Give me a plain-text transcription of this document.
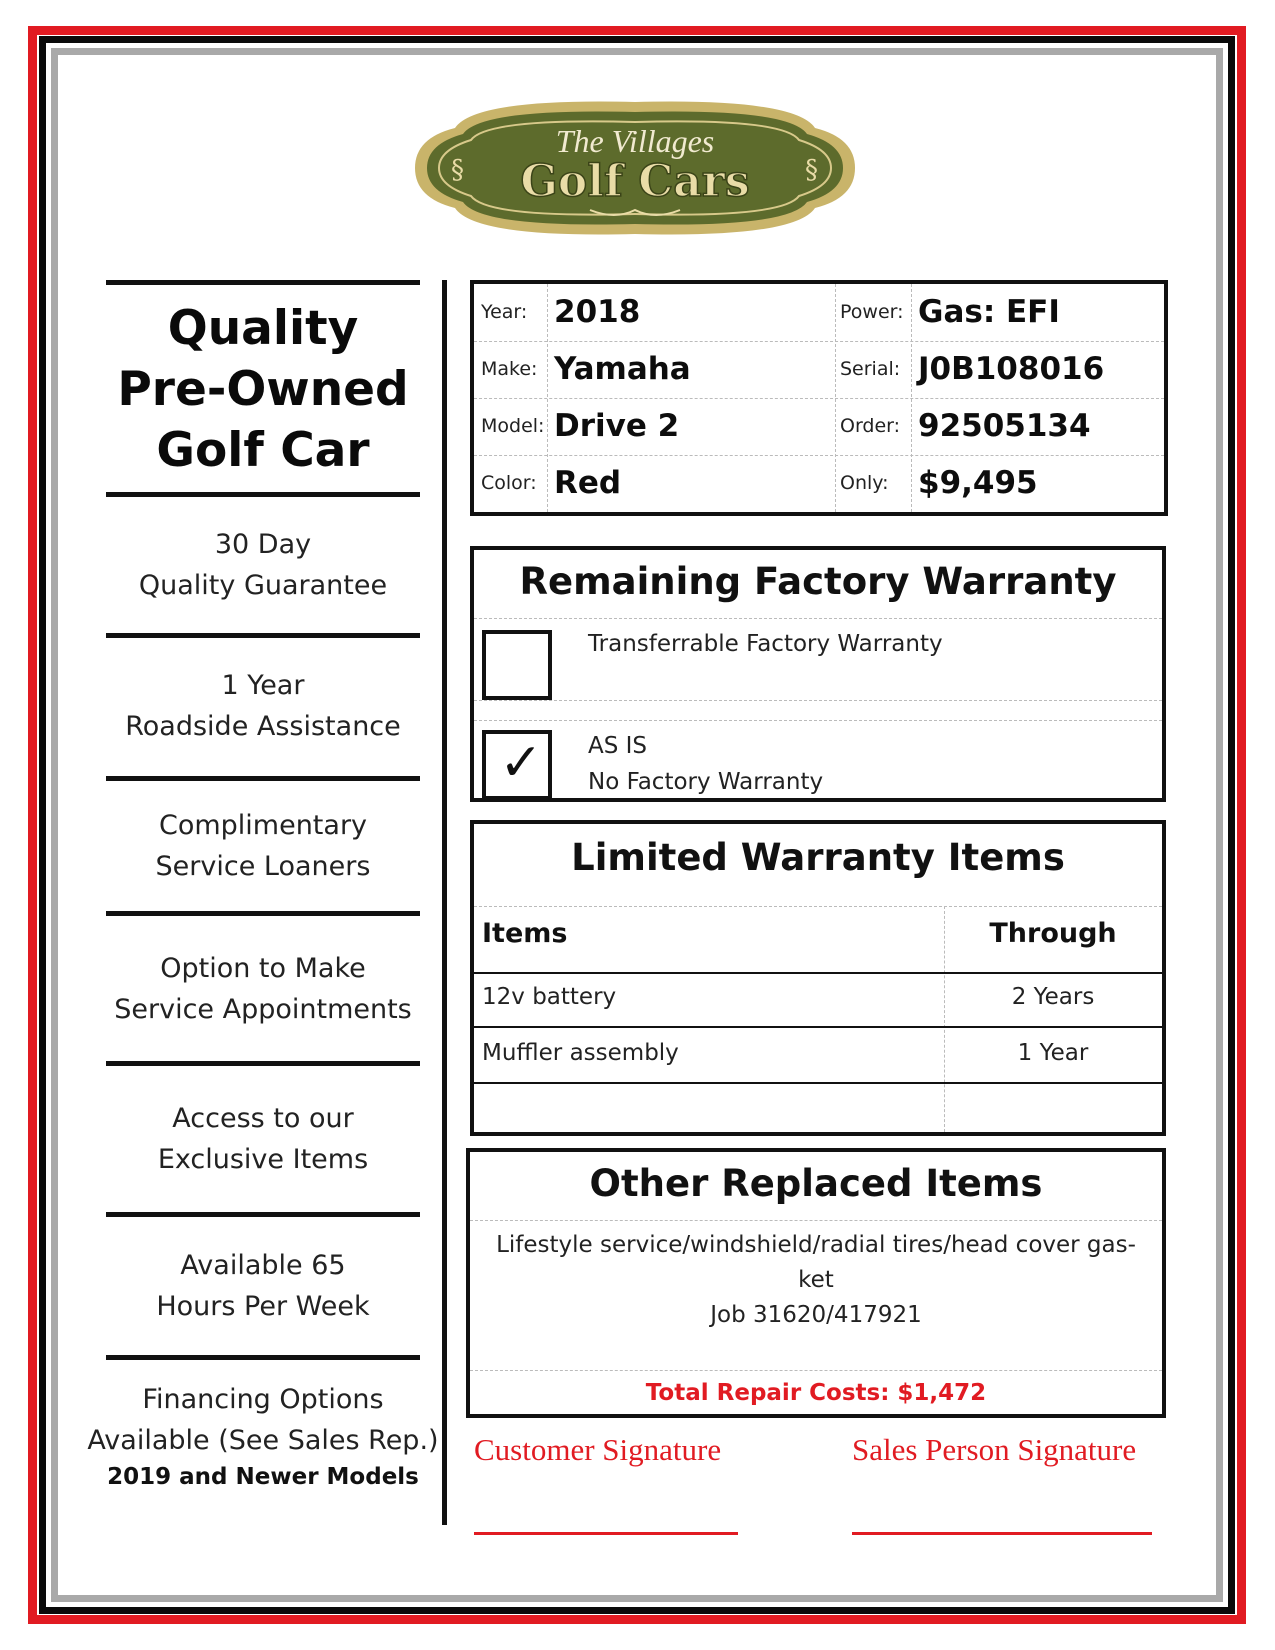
The Villages
Golf Cars
§	§
Quality
Pre-Owned
Golf Car
30 Day
Quality Guarantee
1 Year
Roadside Assistance
Complimentary
Service Loaners
Option to Make
Service Appointments
Access to our
Exclusive Items
Available 65
Hours Per Week
Financing Options
Available (See Sales Rep.)
2019 and Newer Models
Year: 2018	Power: Gas: EFI
Make: Yamaha	Serial: J0B108016
Model: Drive 2	Order: 92505134
Color: Red	Only: $9,495
Remaining Factory Warranty
Transferrable Factory Warranty
✓	AS IS
No Factory Warranty
Limited Warranty Items
Items	Through
12v battery	2 Years
Muffler assembly	1 Year
Other Replaced Items
Lifestyle service/windshield/radial tires/head cover gas-
ket
Job 31620/417921
Total Repair Costs: $1,472
Customer Signature	Sales Person Signature
